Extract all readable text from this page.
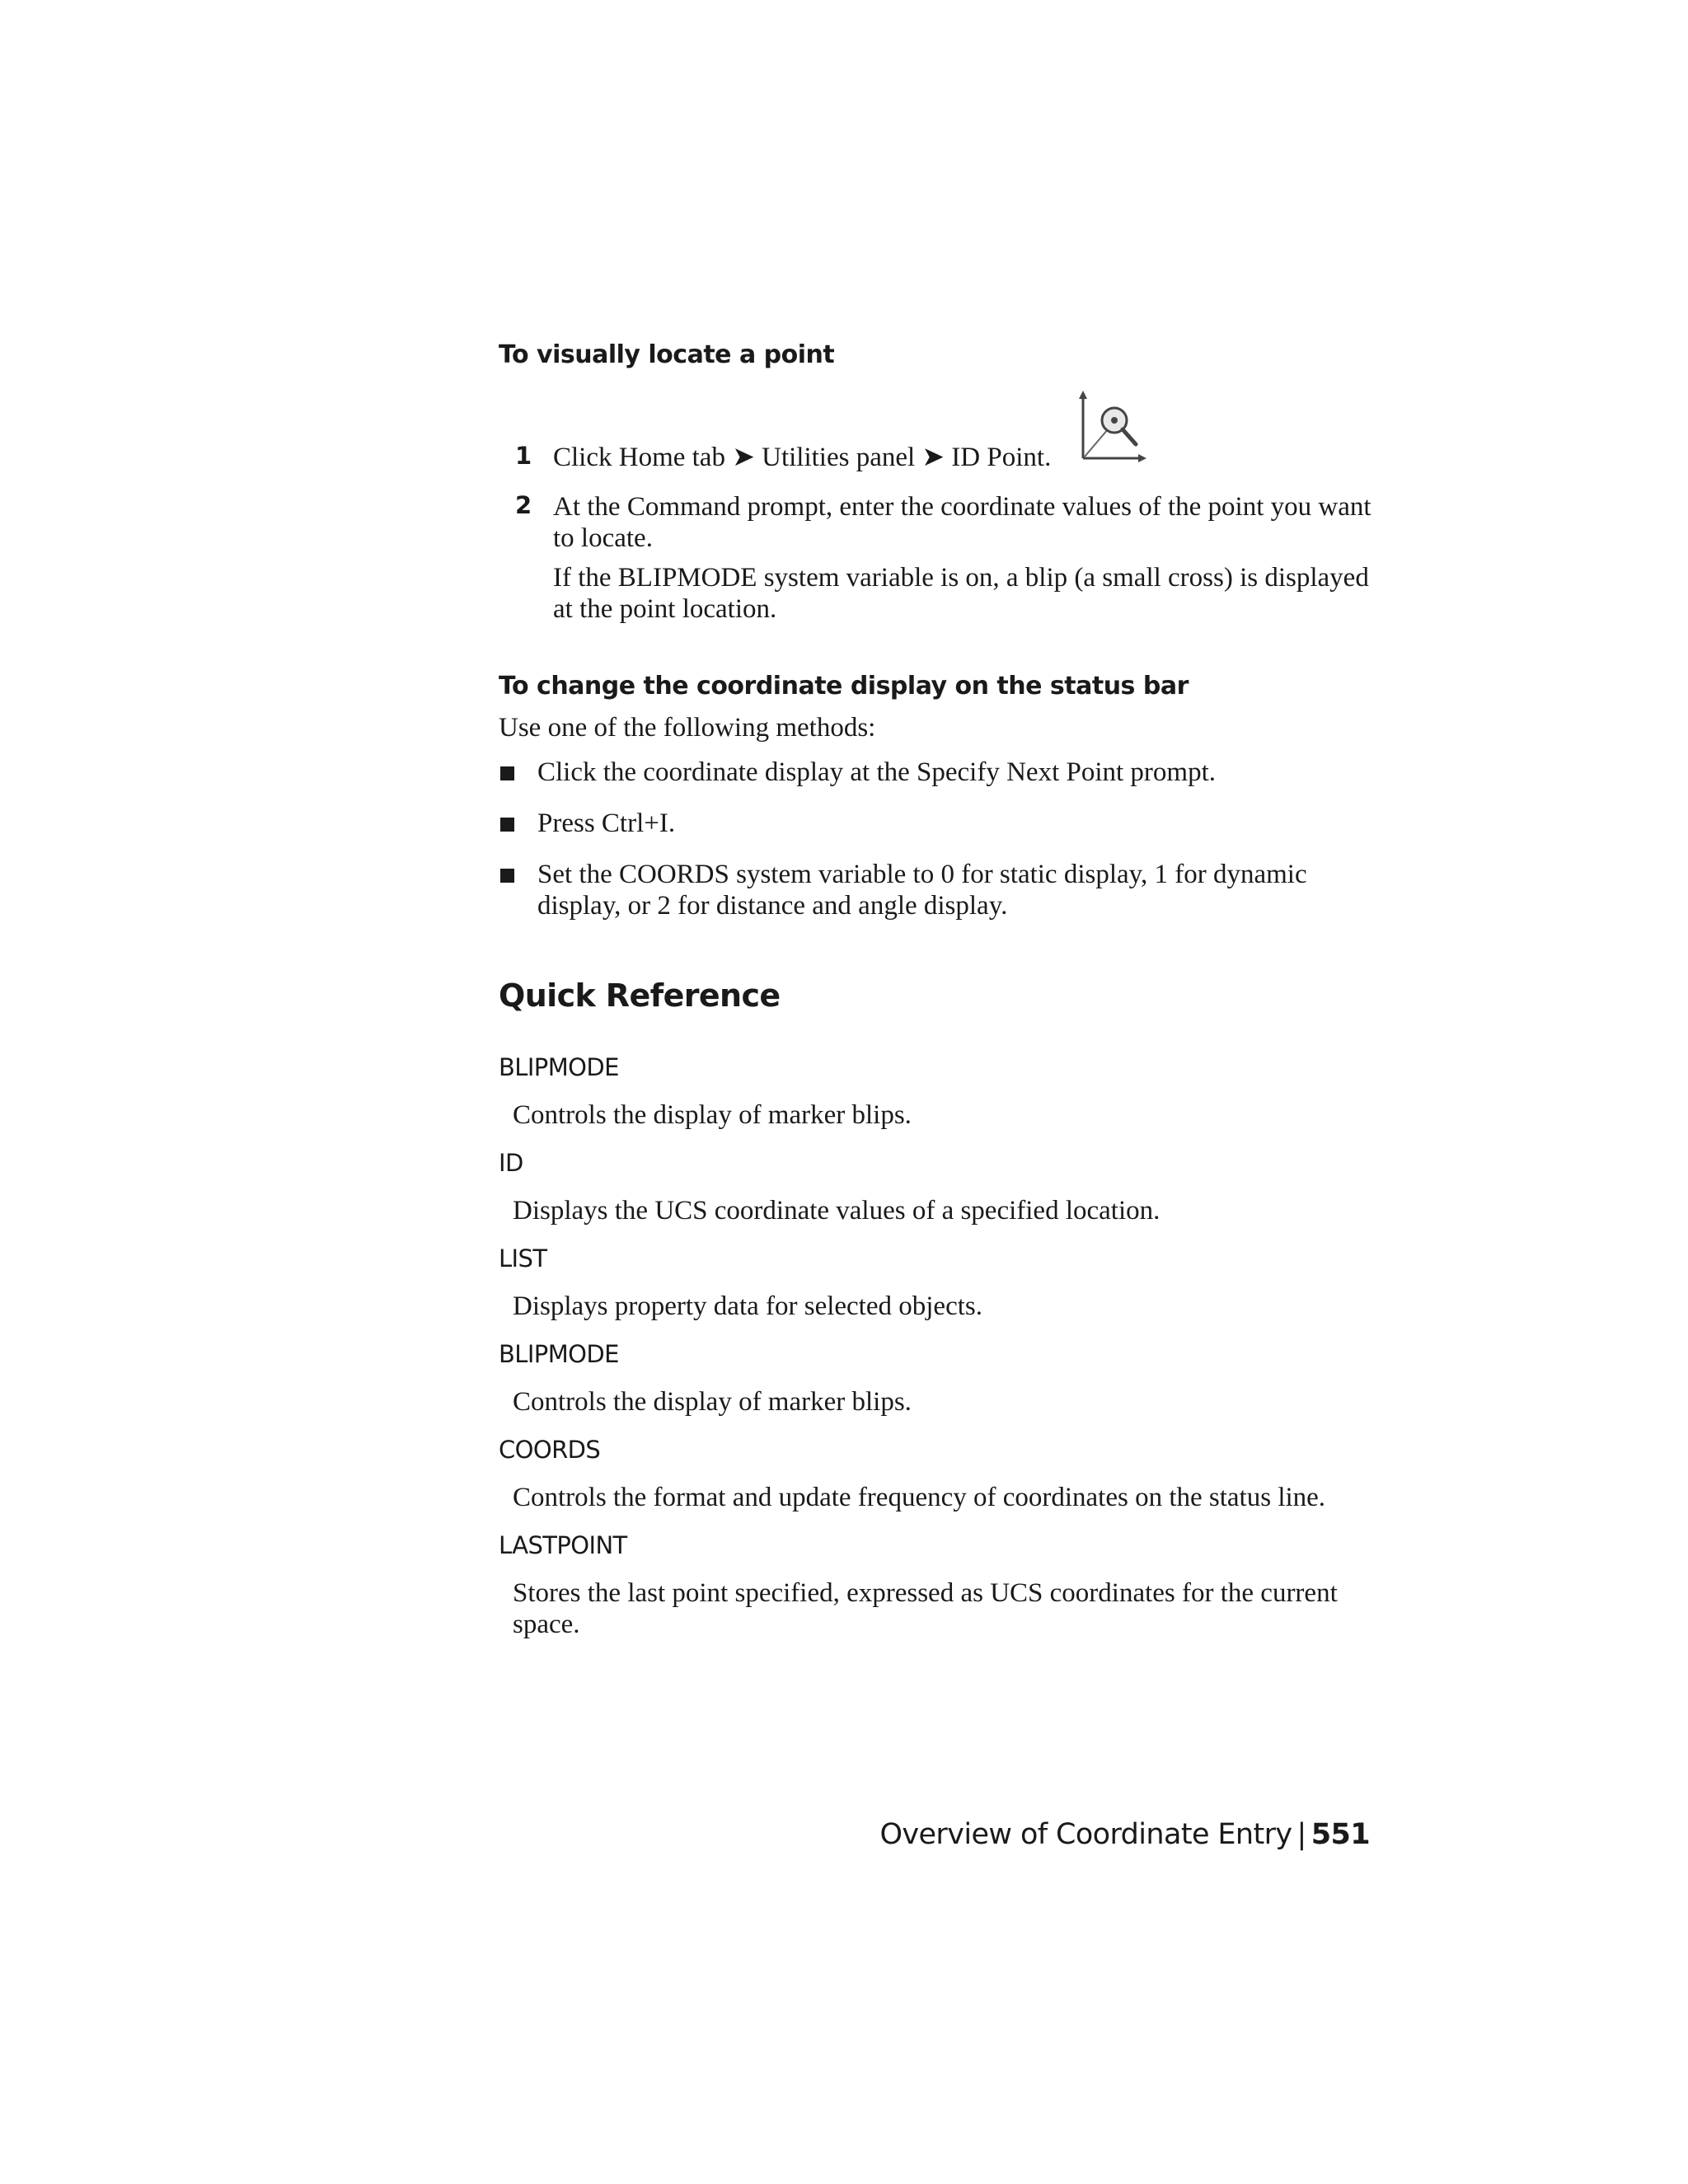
To visually locate a point
1 Click Home tab ➤ Utilities panel ➤ ID Point.
2 At the Command prompt, enter the coordinate values of the point you want to locate.
If the BLIPMODE system variable is on, a blip (a small cross) is displayed at the point location.
To change the coordinate display on the status bar

Use one of the following methods:

Click the coordinate display at the Specify Next Point prompt.
Press Ctrl+I.
Set the COORDS system variable to 0 for static display, 1 for dynamic display, or 2 for distance and angle display.
Quick Reference
BLIPMODE
Controls the display of marker blips.
ID
Displays the UCS coordinate values of a specified location.
LIST
Displays property data for selected objects.
BLIPMODE
Controls the display of marker blips.
COORDS
Controls the format and update frequency of coordinates on the status line.
LASTPOINT
Stores the last point specified, expressed as UCS coordinates for the current space.
Overview of Coordinate Entry | 551
